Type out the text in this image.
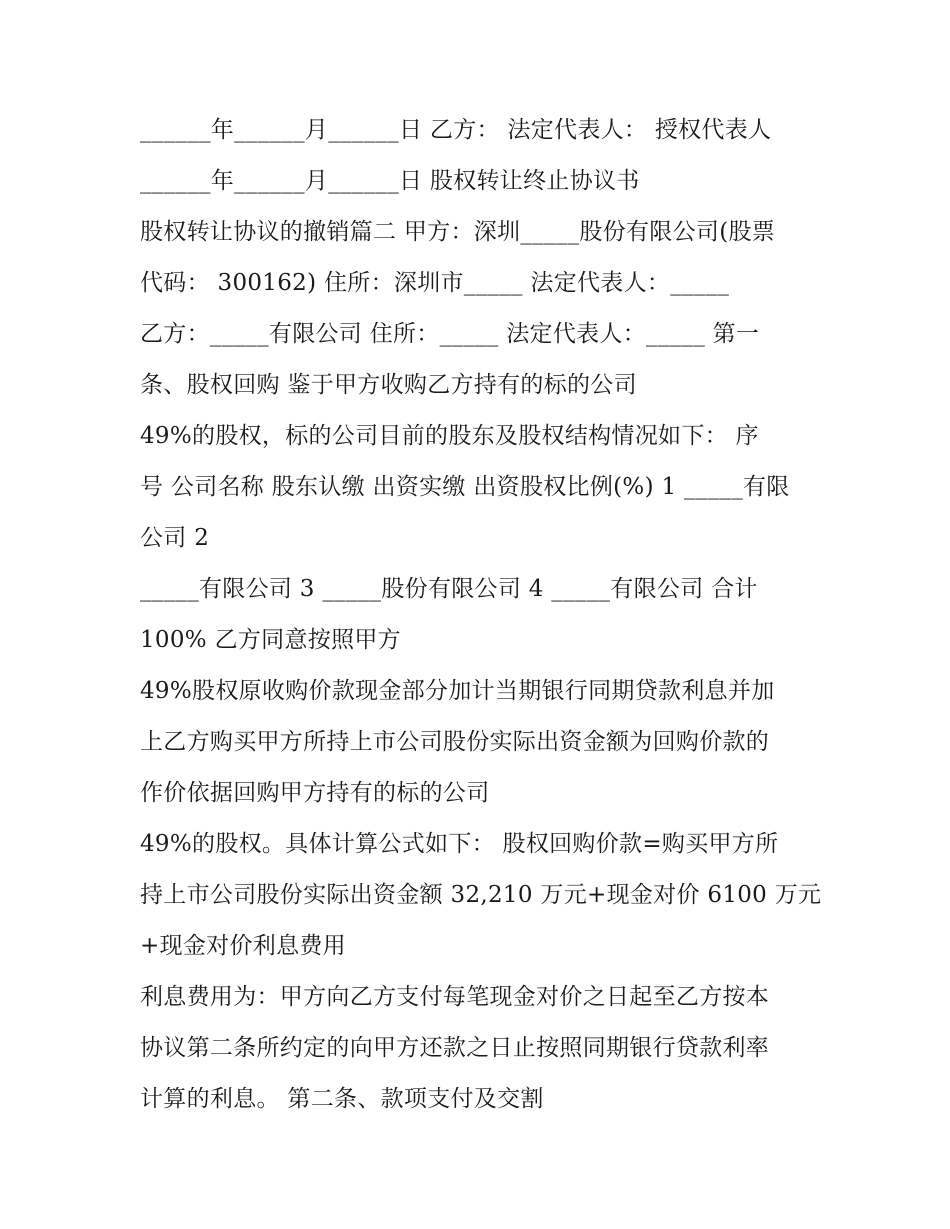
______年______月______日 乙方： 法定代表人： 授权代表人
______年______月______日 股权转让终止协议书
股权转让协议的撤销篇二 甲方：深圳_____股份有限公司(股票
代码： 300162) 住所：深圳市_____ 法定代表人：_____
乙方：_____有限公司 住所：_____ 法定代表人：_____ 第一
条、股权回购 鉴于甲方收购乙方持有的标的公司
49%的股权，标的公司目前的股东及股权结构情况如下： 序
号 公司名称 股东认缴 出资实缴 出资股权比例(%) 1 _____有限
公司 2
_____有限公司 3 _____股份有限公司 4 _____有限公司 合计
100% 乙方同意按照甲方
49%股权原收购价款现金部分加计当期银行同期贷款利息并加
上乙方购买甲方所持上市公司股份实际出资金额为回购价款的
作价依据回购甲方持有的标的公司
49%的股权。具体计算公式如下： 股权回购价款=购买甲方所
持上市公司股份实际出资金额 32,210 万元+现金对价 6100 万元
+现金对价利息费用
利息费用为：甲方向乙方支付每笔现金对价之日起至乙方按本
协议第二条所约定的向甲方还款之日止按照同期银行贷款利率
计算的利息。 第二条、款项支付及交割
